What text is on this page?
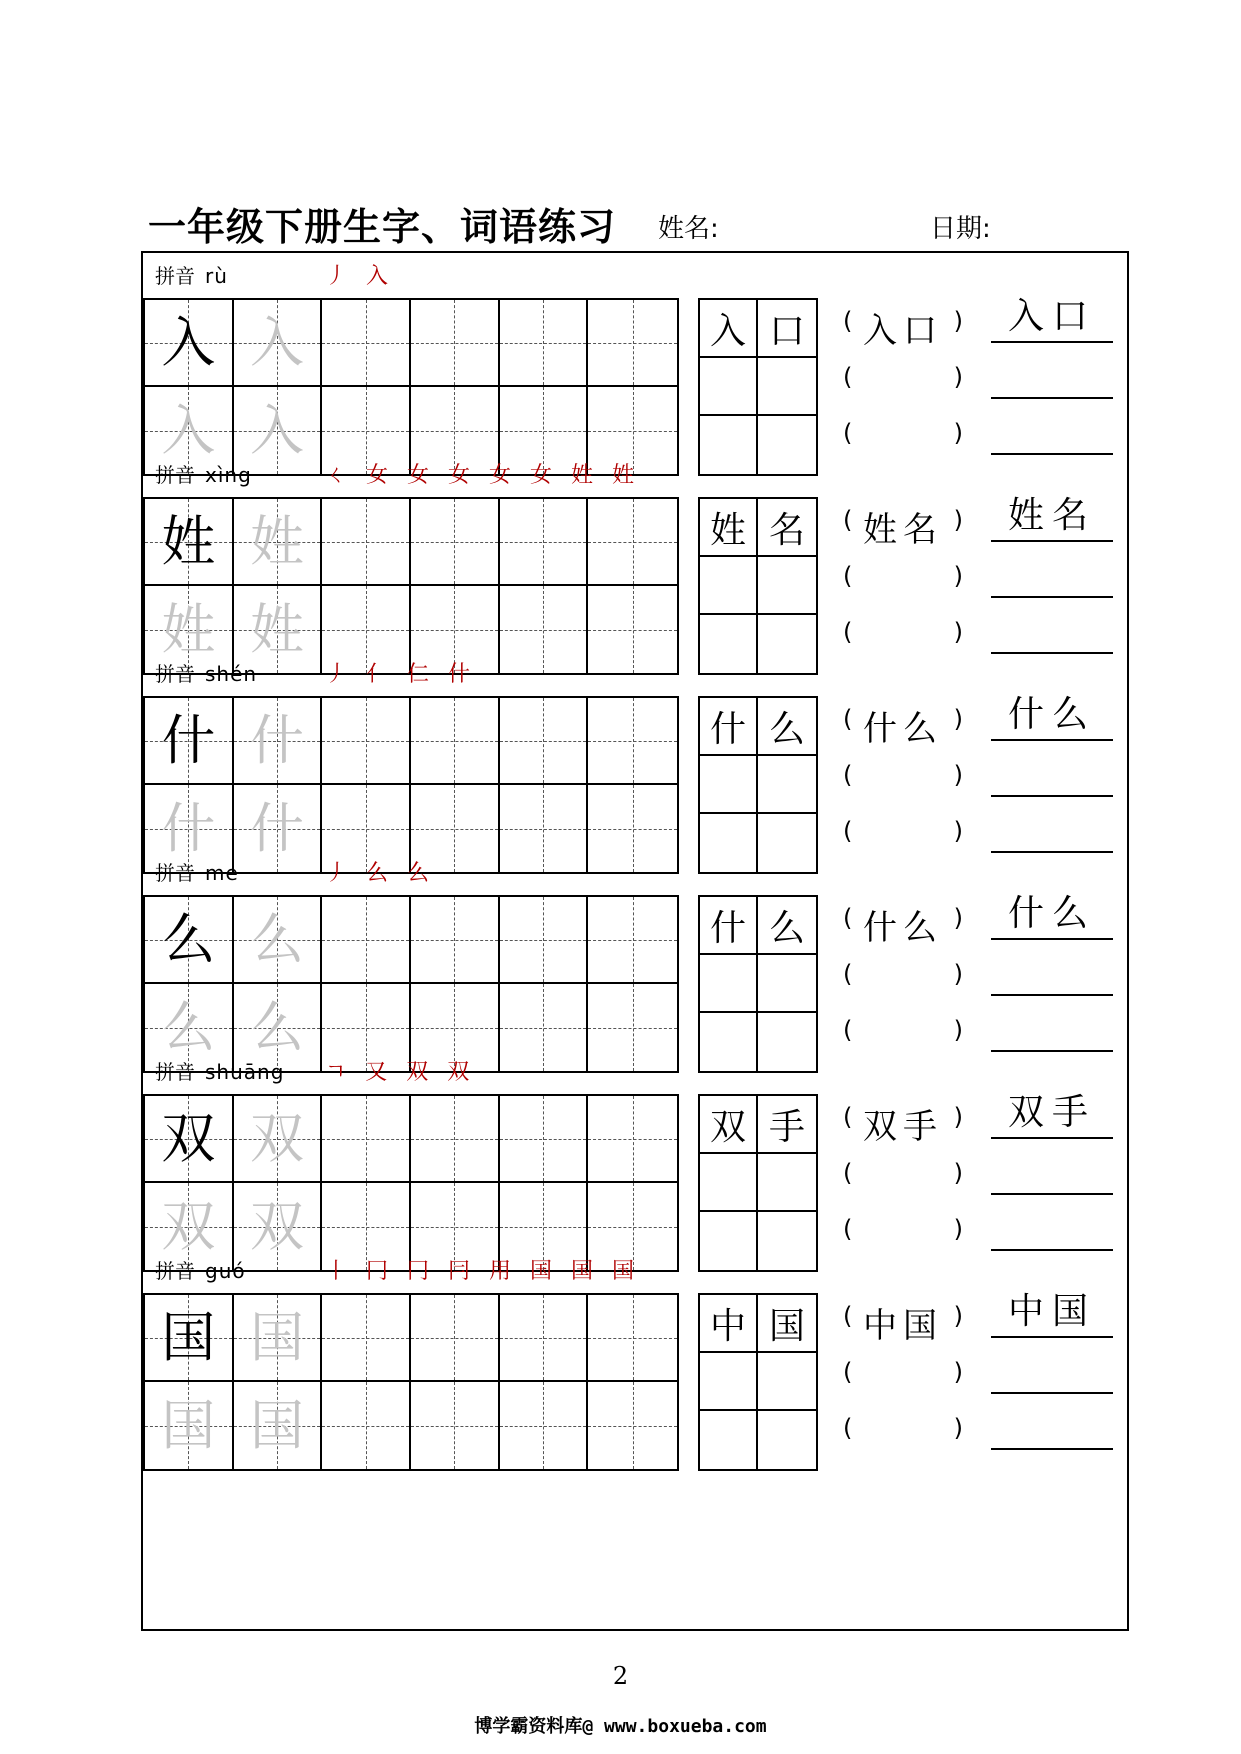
一年级下册生字、词语练习 姓名:	日期:
拼音 rù	丿 入
入 入
入 入
入 口	(	)
入口	入口
(	)
(	)
拼音 xìng	ㄑ 女 女 女 女 女 姓 姓
姓 姓
姓 姓
姓 名	(	)
姓名	姓名
(	)
(	)
拼音 shén	丿 亻 仁 什
什 什
什 什
什 么	(	)
什么	什么
(	)
(	)
拼音 me	丿 么 么
么 么
么 么
什 么	(	)
什么	什么
(	)
(	)
拼音 shuāng ㄱ 又 双 双
双 双
双 双
双 手	(	)
双手	双手
(	)
(	)
拼音 guó	丨 冂 冂 冃 用 国 国 国
国 国
国 国
中 国	(	)
中国	中国
(	)
(	)
2
博学霸资料库@ www.boxueba.com
